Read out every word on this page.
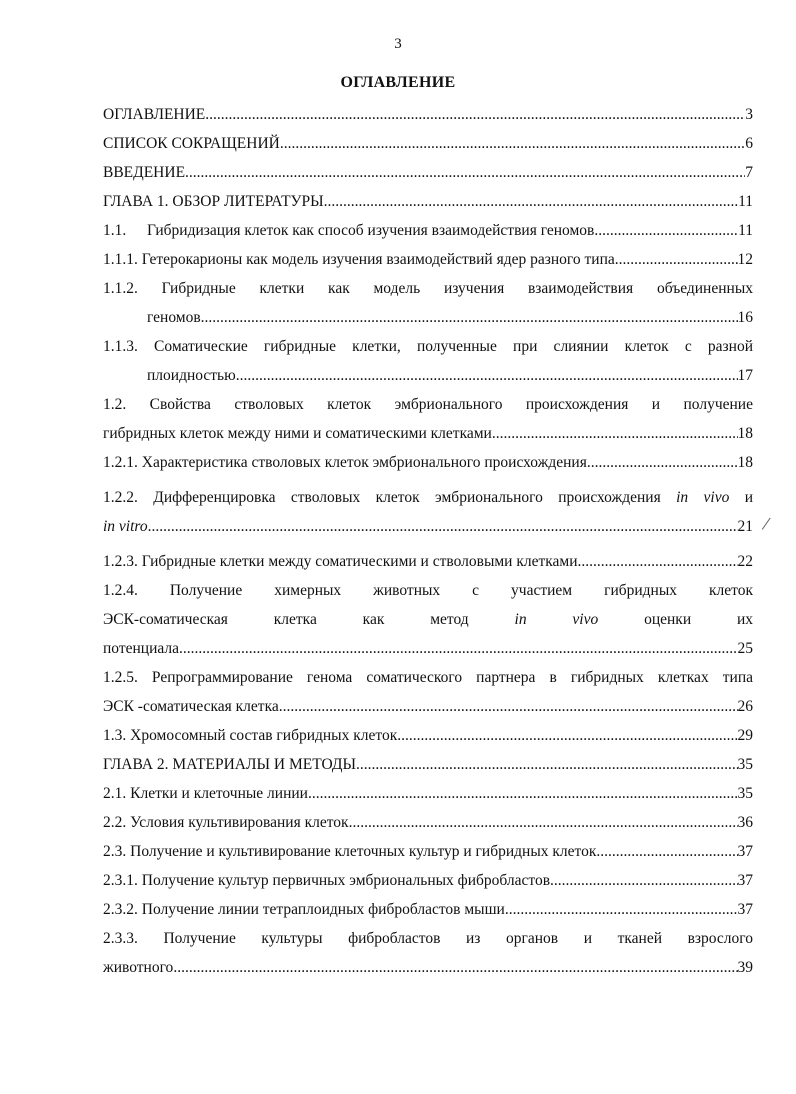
3
ОГЛАВЛЕНИЕ
ОГЛАВЛЕНИЕ .....	3
СПИСОК СОКРАЩЕНИЙ .....	6
ВВЕДЕНИЕ .....	7
ГЛАВА 1. ОБЗОР ЛИТЕРАТУРЫ .....	11
1.1. Гибридизация клеток как способ изучения взаимодействия геномов .....	11
1.1.1. Гетерокарионы как модель изучения взаимодействий ядер разного типа .....	12
1.1.2. Гибридные клетки как модель изучения взаимодействия объединенных
геномов .....	16
1.1.3. Соматические гибридные клетки, полученные при слиянии клеток с разной
плоидностью .....	17
1.2. Свойства стволовых клеток эмбрионального происхождения и получение
гибридных клеток между ними и соматическими клетками .....	18
1.2.1. Характеристика стволовых клеток эмбрионального происхождения .....	18
1.2.2. Дифференцировка стволовых клеток эмбрионального происхождения in vivo и
in vitro .....	21
1.2.3. Гибридные клетки между соматическими и стволовыми клетками .....	22
1.2.4. Получение химерных животных с участием гибридных клеток
ЭСК-соматическая клетка как метод	in vivo	оценки их
потенциала .....	25
1.2.5. Репрограммирование генома соматического партнера в гибридных клетках типа
ЭСК -соматическая клетка .....	26
1.3. Хромосомный состав гибридных клеток .....	29
ГЛАВА 2. МАТЕРИАЛЫ И МЕТОДЫ .....	35
2.1. Клетки и клеточные линии .....	35
2.2. Условия культивирования клеток .....	36
2.3. Получение и культивирование клеточных культур и гибридных клеток .....	37
2.3.1. Получение культур первичных эмбриональных фибробластов .....	37
2.3.2. Получение линии тетраплоидных фибробластов мыши .....	37
2.3.3. Получение культуры фибробластов из органов и тканей взрослого
животного .....	39
